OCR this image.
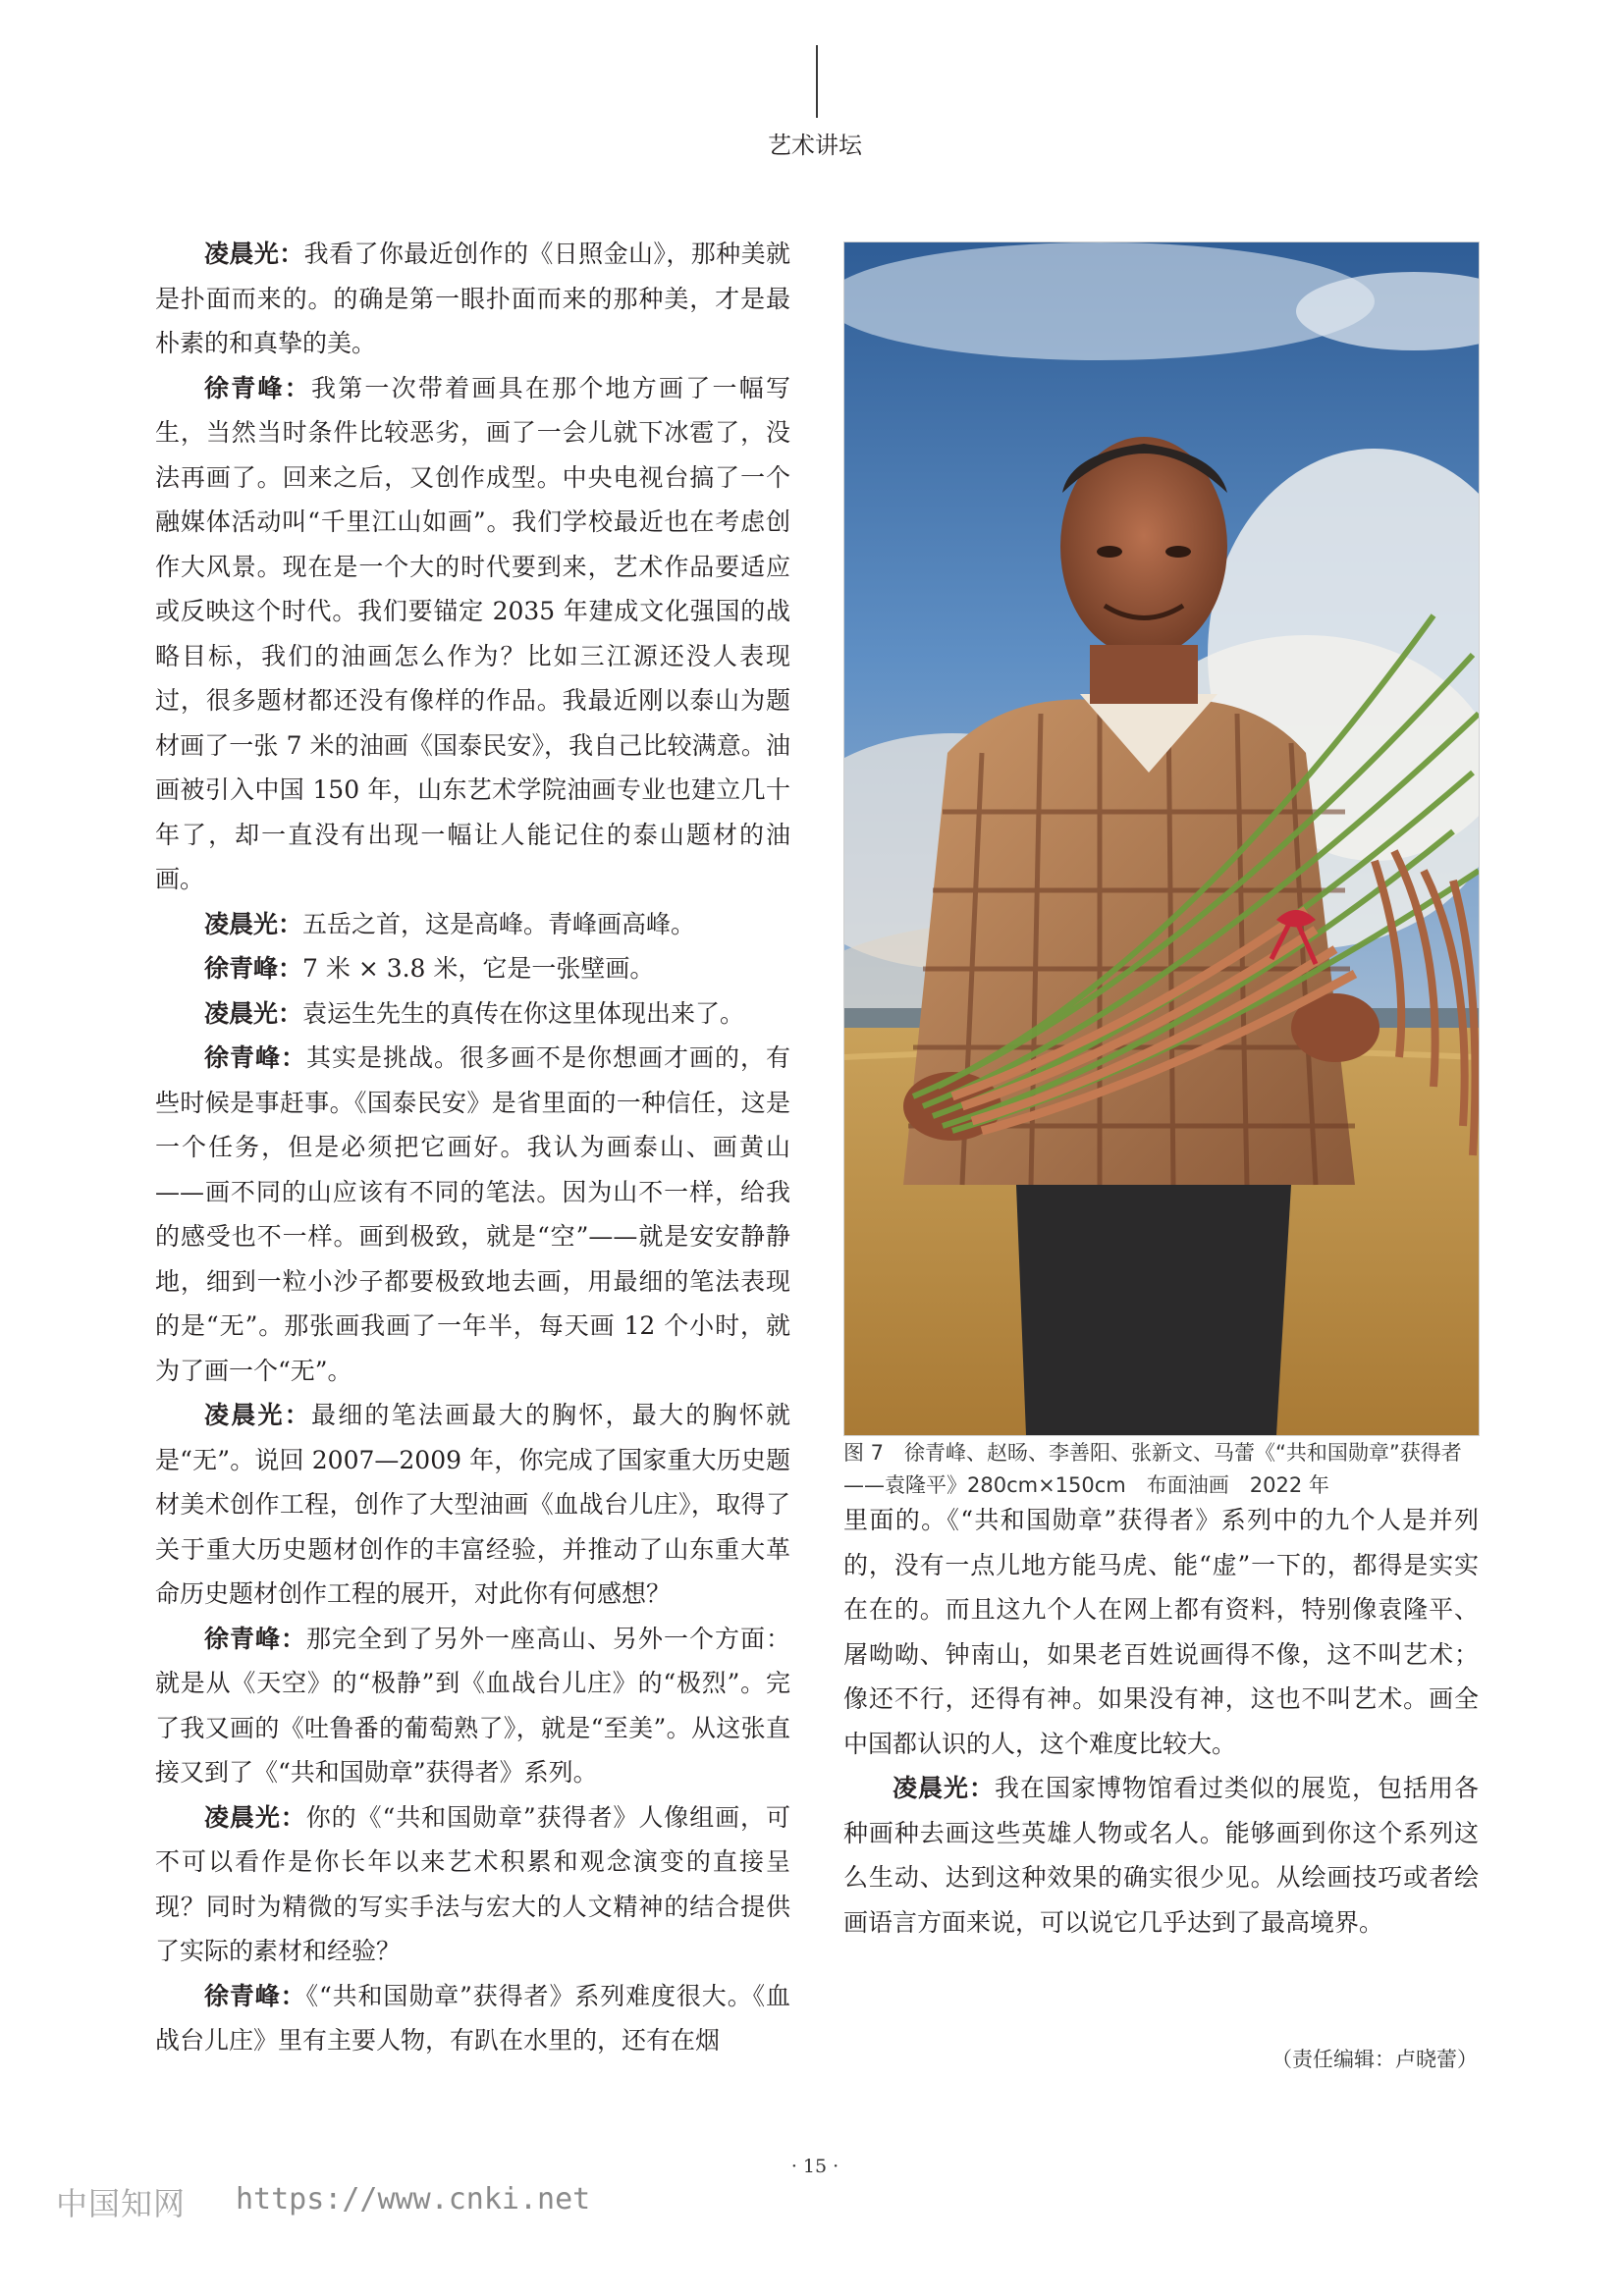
艺术讲坛

凌晨光：我看了你最近创作的《日照金山》，那种美就是扑面而来的。的确是第一眼扑面而来的那种美，才是最朴素的和真挚的美。

徐青峰：我第一次带着画具在那个地方画了一幅写生，当然当时条件比较恶劣，画了一会儿就下冰雹了，没法再画了。回来之后，又创作成型。中央电视台搞了一个融媒体活动叫“千里江山如画”。我们学校最近也在考虑创作大风景。现在是一个大的时代要到来，艺术作品要适应或反映这个时代。我们要锚定 2035 年建成文化强国的战略目标，我们的油画怎么作为？比如三江源还没人表现过，很多题材都还没有像样的作品。我最近刚以泰山为题材画了一张 7 米的油画《国泰民安》，我自己比较满意。油画被引入中国 150 年，山东艺术学院油画专业也建立几十年了，却一直没有出现一幅让人能记住的泰山题材的油画。

凌晨光：五岳之首，这是高峰。青峰画高峰。

徐青峰：7 米 × 3.8 米，它是一张壁画。

凌晨光：袁运生先生的真传在你这里体现出来了。

徐青峰：其实是挑战。很多画不是你想画才画的，有些时候是事赶事。《国泰民安》是省里面的一种信任，这是一个任务，但是必须把它画好。我认为画泰山、画黄山——画不同的山应该有不同的笔法。因为山不一样，给我的感受也不一样。画到极致，就是“空”——就是安安静静地，细到一粒小沙子都要极致地去画，用最细的笔法表现的是“无”。那张画我画了一年半，每天画 12 个小时，就为了画一个“无”。

凌晨光：最细的笔法画最大的胸怀，最大的胸怀就是“无”。说回 2007—2009 年，你完成了国家重大历史题材美术创作工程，创作了大型油画《血战台儿庄》，取得了关于重大历史题材创作的丰富经验，并推动了山东重大革命历史题材创作工程的展开，对此你有何感想？

徐青峰：那完全到了另外一座高山、另外一个方面：就是从《天空》的“极静”到《血战台儿庄》的“极烈”。完了我又画的《吐鲁番的葡萄熟了》，就是“至美”。从这张直接又到了《“共和国勋章”获得者》系列。

凌晨光：你的《“共和国勋章”获得者》人像组画，可不可以看作是你长年以来艺术积累和观念演变的直接呈现？同时为精微的写实手法与宏大的人文精神的结合提供了实际的素材和经验？

徐青峰：《“共和国勋章”获得者》系列难度很大。《血战台儿庄》里有主要人物，有趴在水里的，还有在烟

图 7　徐青峰、赵旸、李善阳、张新文、马蕾《“共和国勋章”获得者——袁隆平》280cm×150cm　布面油画　2022 年

里面的。《“共和国勋章”获得者》系列中的九个人是并列的，没有一点儿地方能马虎、能“虚”一下的，都得是实实在在的。而且这九个人在网上都有资料，特别像袁隆平、屠呦呦、钟南山，如果老百姓说画得不像，这不叫艺术；像还不行，还得有神。如果没有神，这也不叫艺术。画全中国都认识的人，这个难度比较大。

凌晨光：我在国家博物馆看过类似的展览，包括用各种画种去画这些英雄人物或名人。能够画到你这个系列这么生动、达到这种效果的确实很少见。从绘画技巧或者绘画语言方面来说，可以说它几乎达到了最高境界。

（责任编辑：卢晓蕾）
· 15 ·
中国知网 https://www.cnki.net
